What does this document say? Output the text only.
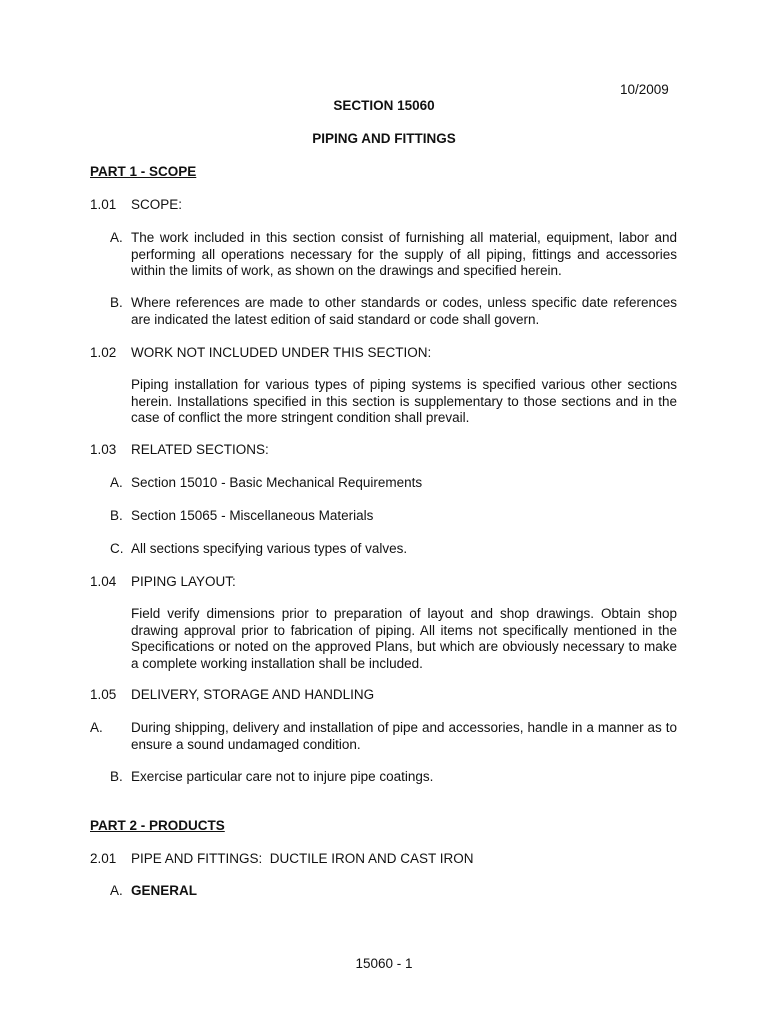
10/2009
SECTION 15060
PIPING AND FITTINGS
PART 1 - SCOPE
1.01 SCOPE:
A. The work included in this section consist of furnishing all material, equipment, labor and performing all operations necessary for the supply of all piping, fittings and accessories within the limits of work, as shown on the drawings and specified herein.
B. Where references are made to other standards or codes, unless specific date references are indicated the latest edition of said standard or code shall govern.
1.02 WORK NOT INCLUDED UNDER THIS SECTION:
Piping installation for various types of piping systems is specified various other sections herein. Installations specified in this section is supplementary to those sections and in the case of conflict the more stringent condition shall prevail.
1.03 RELATED SECTIONS:
A. Section 15010 - Basic Mechanical Requirements
B. Section 15065 - Miscellaneous Materials
C. All sections specifying various types of valves.
1.04 PIPING LAYOUT:
Field verify dimensions prior to preparation of layout and shop drawings. Obtain shop drawing approval prior to fabrication of piping. All items not specifically mentioned in the Specifications or noted on the approved Plans, but which are obviously necessary to make a complete working installation shall be included.
1.05 DELIVERY, STORAGE AND HANDLING
A. During shipping, delivery and installation of pipe and accessories, handle in a manner as to ensure a sound undamaged condition.
B. Exercise particular care not to injure pipe coatings.
PART 2 - PRODUCTS
2.01 PIPE AND FITTINGS:  DUCTILE IRON AND CAST IRON
A. GENERAL
15060 - 1
